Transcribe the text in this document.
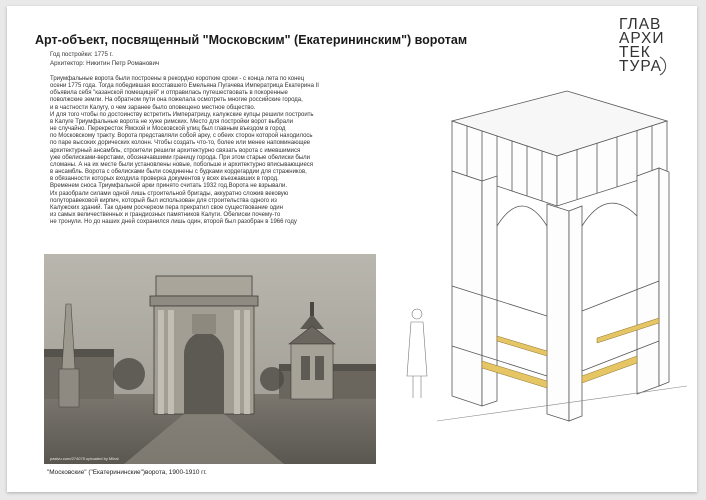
Арт-объект, посвященный "Московским" (Екатерининским") воротам
Год постройки: 1775 г.
Архитектор: Никитин Петр Романович

Триумфальные ворота были построены в рекордно короткие сроки - с конца лета по конец

осени 1775 года. Тогда победившая восставшего Емельяна Пугачева Императрица Екатерина II

объявила себя "казанской помещицей" и отправилась путешествовать в покоренные

поволжские земли. На обратном пути она пожелала осмотреть многие российские города,

и в частности Калугу, о чем заранее было оповещено местное общество.

И для того чтобы по достоинству встретить Императрицу, калужские купцы решили построить

в Калуге Триумфальные ворота не хуже римских. Место для постройки ворот выбрали

не случайно. Перекресток Ямской и Московской улиц был главным въездом в город

по Московскому тракту. Ворота представляли собой арку, с обеих сторон которой находилось

по паре высоких дорических колонн. Чтобы создать что-то, более или менее напоминающее

архитектурный ансамбль, строители решили архитектурно связать ворота с имевшимися

уже обелисками-верстами, обозначавшими границу города. При этом старые обелиски были

сломаны. А на их месте были установлены новые, побольше и архитектурно вписывающиеся

в ансамбль. Ворота с обелисками были соединены с будками кордегардии для стражников,

в обязанности которых входила проверка документов у всех въезжавших в город.

Временем сноса Триумфальной арки принято считать 1932 год.Ворота не взрывали.

Их разобрали силами одной лишь строительной бригады, аккуратно сложив вековую

полуторавековой кирпич, который был использован для строительства одного из

Калужских зданий. Так одним росчерком пера прекратил свое существование один

из самых величественных и грандиозных памятников Калуги. Обелиски почему-то

не тронули. Но до наших дней сохранился лишь один, второй был разобран в 1966 году

ГЛАВ
АРХИ
ТЕК
ТУРА
pastvu.com/274075 uploaded by Mihai
"Московские" ("Екатерининские")ворота, 1900-1910 гг.
